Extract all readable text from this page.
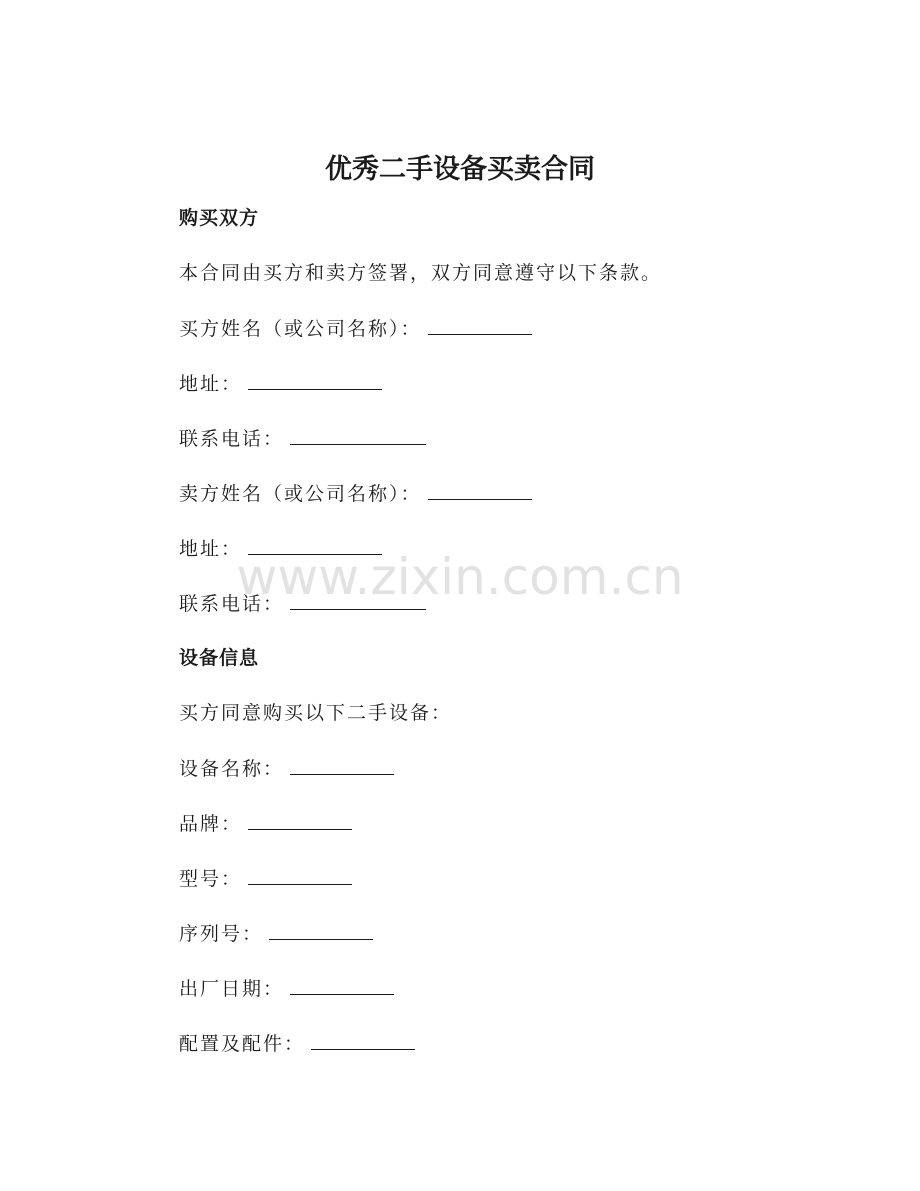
优秀二手设备买卖合同
购买双方
本合同由买方和卖方签署，双方同意遵守以下条款。
买方姓名（或公司名称）：
地址：
联系电话：
卖方姓名（或公司名称）：
地址：
联系电话：
设备信息
买方同意购买以下二手设备：
设备名称：
品牌：
型号：
序列号：
出厂日期：
配置及配件：
www.zixin.com.cn
